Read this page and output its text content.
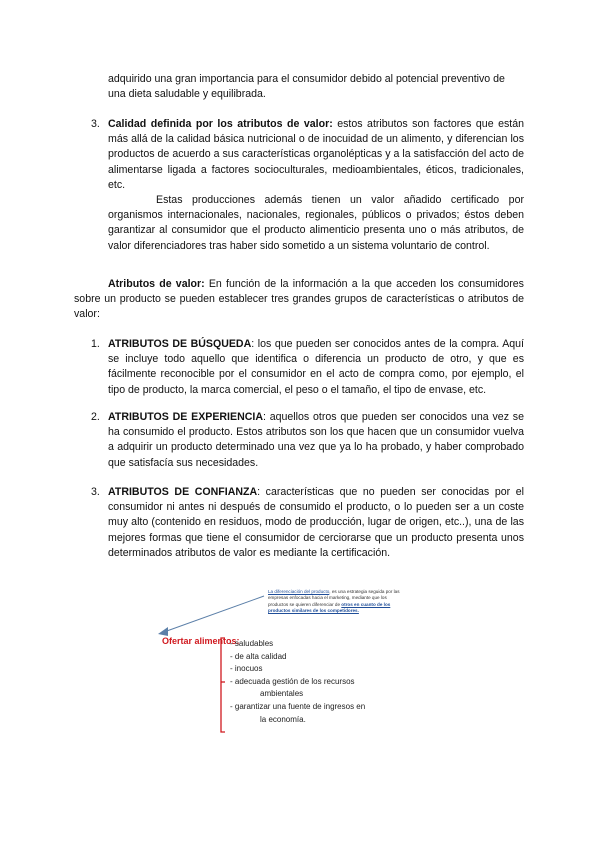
adquirido una gran importancia para el consumidor debido al potencial preventivo de
una dieta saludable y equilibrada.
3. Calidad definida por los atributos de valor: estos atributos son factores que están más allá de la calidad básica nutricional o de inocuidad de un alimento, y diferencian los productos de acuerdo a sus características organolépticas y a la satisfacción del acto de alimentarse ligada a factores socioculturales, medioambientales, éticos, tradicionales, etc.
Estas producciones además tienen un valor añadido certificado por organismos internacionales, nacionales, regionales, públicos o privados; éstos deben garantizar al consumidor que el producto alimenticio presenta uno o más atributos, de valor diferenciadores tras haber sido sometido a un sistema voluntario de control.
Atributos de valor: En función de la información a la que acceden los consumidores sobre un producto se pueden establecer tres grandes grupos de características o atributos de valor:
1. ATRIBUTOS DE BÚSQUEDA: los que pueden ser conocidos antes de la compra. Aquí se incluye todo aquello que identifica o diferencia un producto de otro, y que es fácilmente reconocible por el consumidor en el acto de compra como, por ejemplo, el tipo de producto, la marca comercial, el peso o el tamaño, el tipo de envase, etc.
2. ATRIBUTOS DE EXPERIENCIA: aquellos otros que pueden ser conocidos una vez se ha consumido el producto. Estos atributos son los que hacen que un consumidor vuelva a adquirir un producto determinado una vez que ya lo ha probado, y haber comprobado que satisfacía sus necesidades.
3. ATRIBUTOS DE CONFIANZA: características que no pueden ser conocidas por el consumidor ni antes ni después de consumido el producto, o lo pueden ser a un coste muy alto (contenido en residuos, modo de producción, lugar de origen, etc..), una de las mejores formas que tiene el consumidor de cerciorarse que un producto presenta unos determinados atributos de valor es mediante la certificación.
La diferenciación del producto, es una estrategia seguida por las empresas enfocadas hacia el marketing, mediante que los productos se quieren diferenciar de otros en cuanto de los productos similares de los competidores.
Ofertar alimentos:
- saludables
- de alta calidad
- inocuos
- adecuada gestión de los recursos
ambientales
- garantizar una fuente de ingresos en
la economía.
